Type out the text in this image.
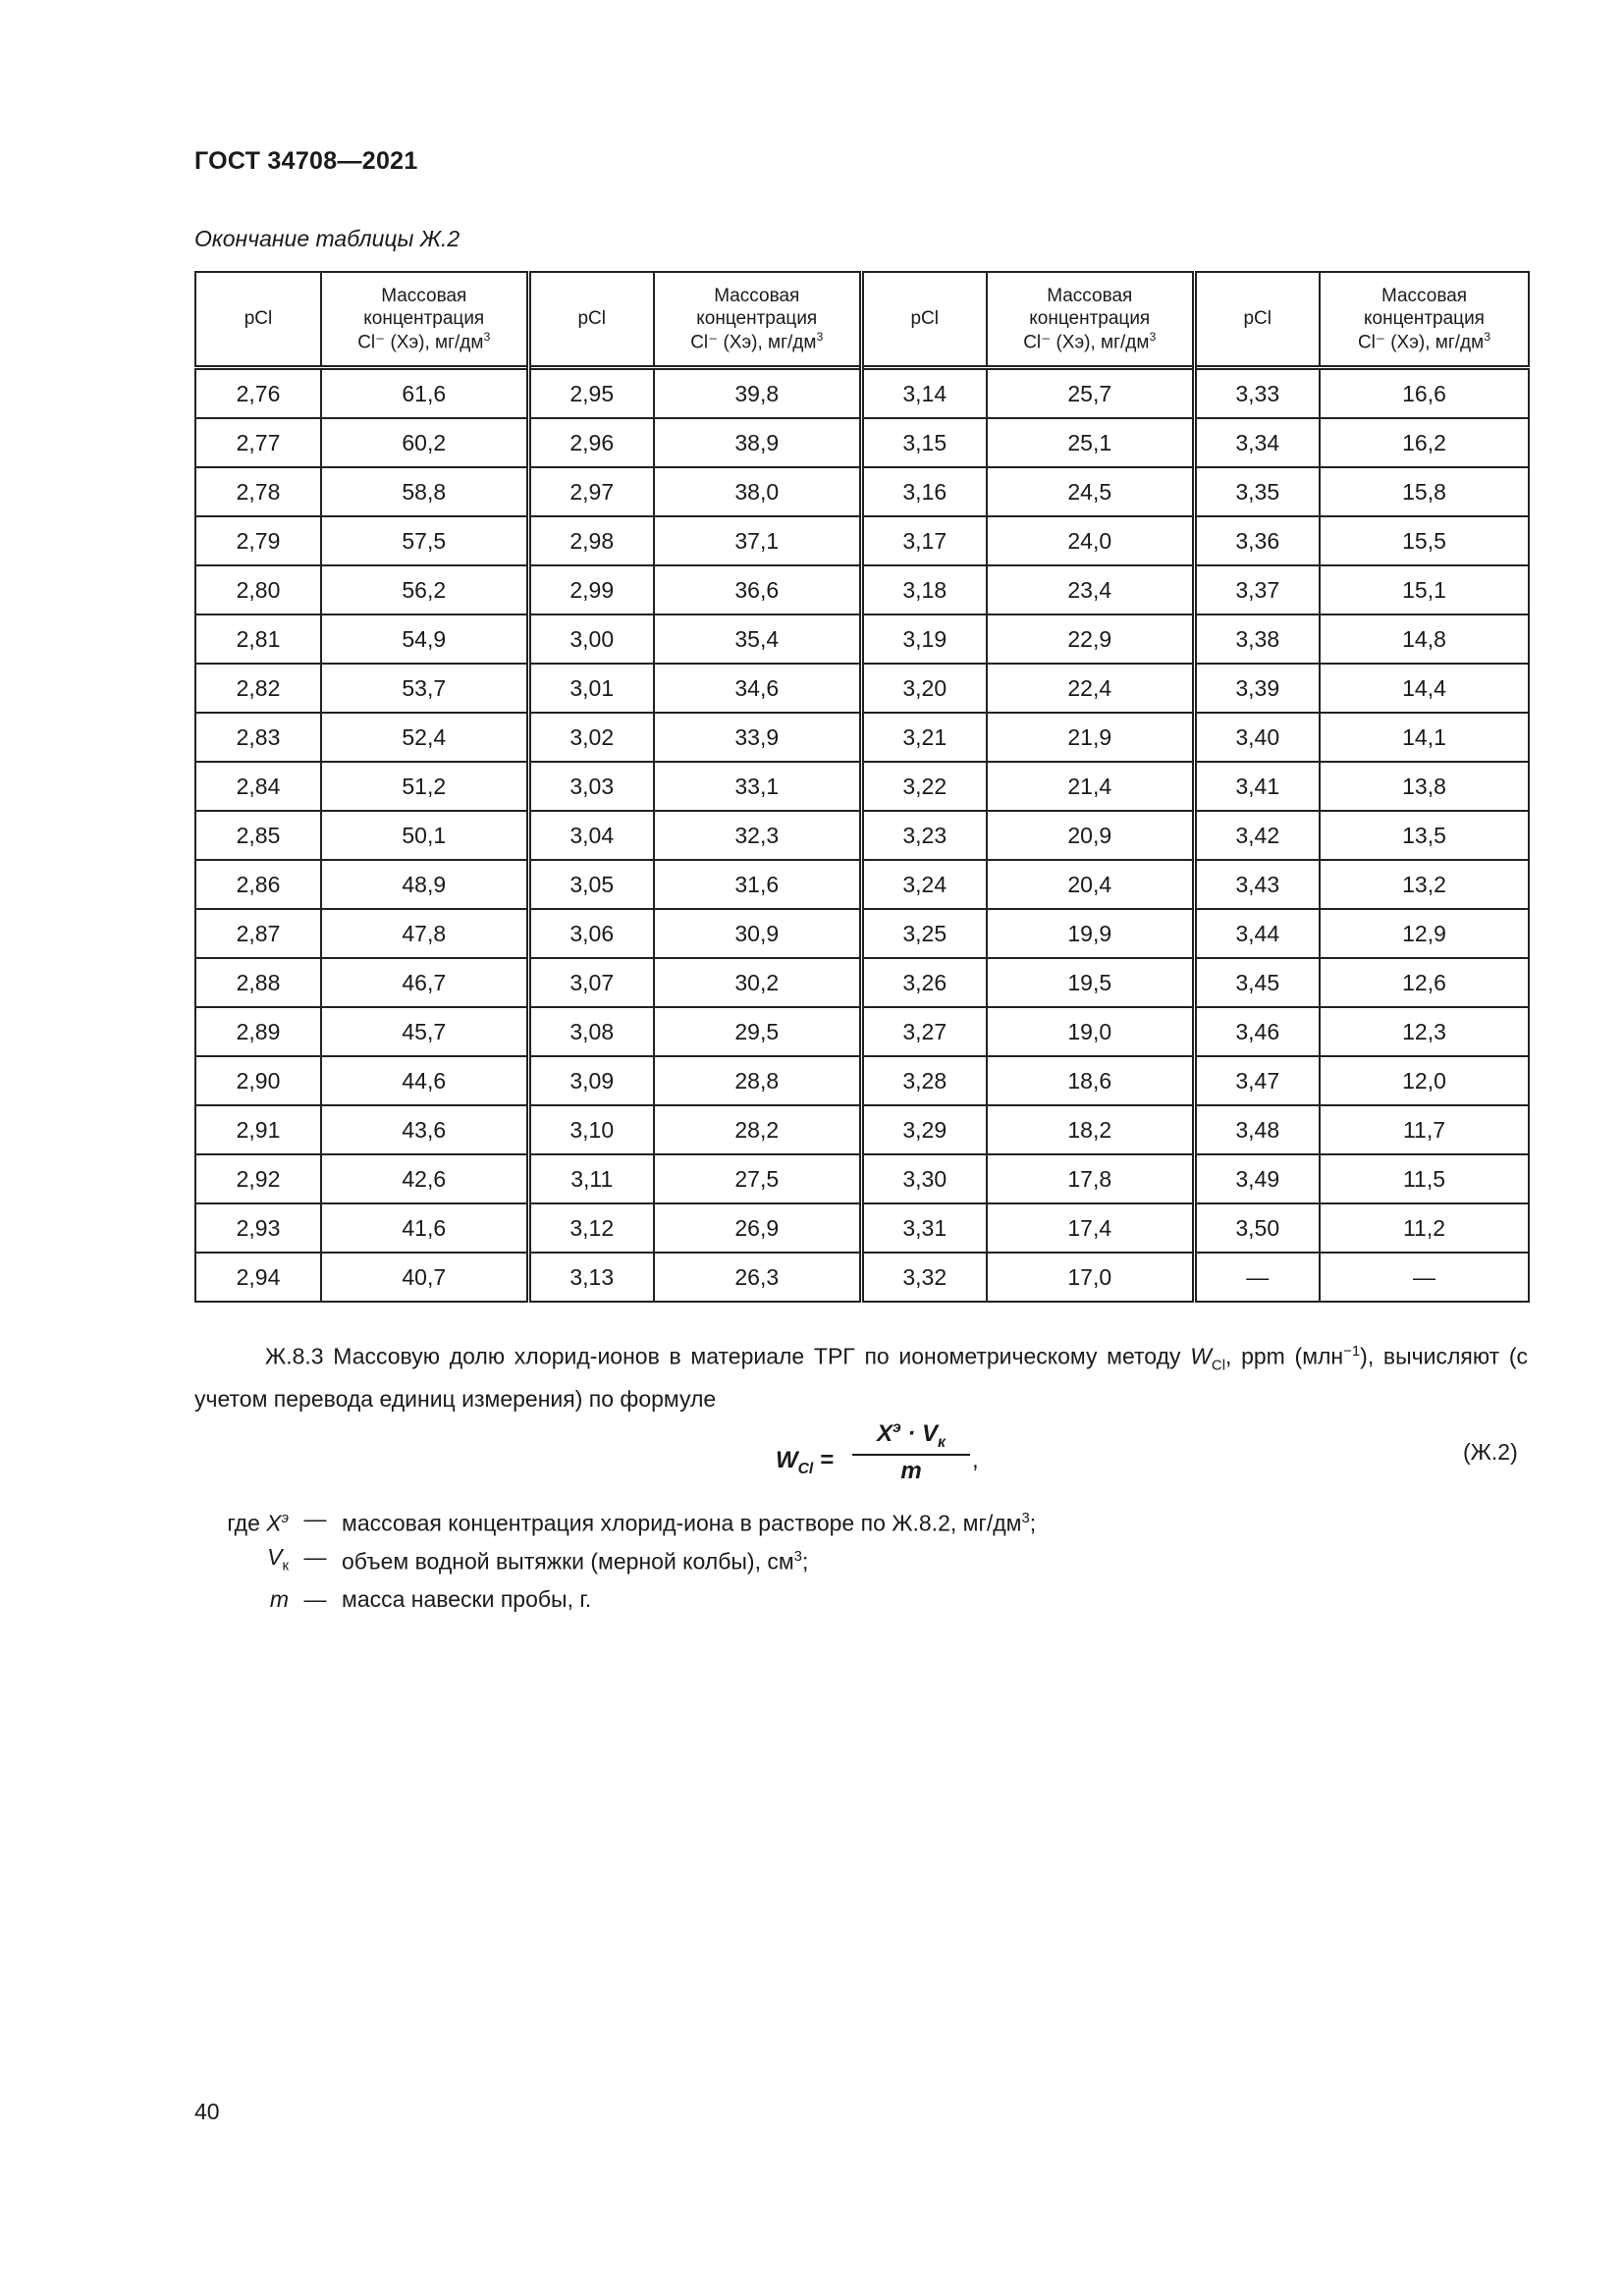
ГОСТ 34708—2021
Окончание таблицы Ж.2
pCl	Массовая
концентрация
Cl⁻ (Хэ), $мг/дм^3$	pCl	Массовая
концентрация
Cl⁻ (Хэ), $мг/дм^3$	pCl	Массовая
концентрация
Cl⁻ (Хэ), $мг/дм^3$	pCl	Массовая
концентрация
Cl⁻ (Хэ), $мг/дм^3$
2,76	61,6	2,95	39,8	3,14	25,7	3,33	16,6
2,77	60,2	2,96	38,9	3,15	25,1	3,34	16,2
2,78	58,8	2,97	38,0	3,16	24,5	3,35	15,8
2,79	57,5	2,98	37,1	3,17	24,0	3,36	15,5
2,80	56,2	2,99	36,6	3,18	23,4	3,37	15,1
2,81	54,9	3,00	35,4	3,19	22,9	3,38	14,8
2,82	53,7	3,01	34,6	3,20	22,4	3,39	14,4
2,83	52,4	3,02	33,9	3,21	21,9	3,40	14,1
2,84	51,2	3,03	33,1	3,22	21,4	3,41	13,8
2,85	50,1	3,04	32,3	3,23	20,9	3,42	13,5
2,86	48,9	3,05	31,6	3,24	20,4	3,43	13,2
2,87	47,8	3,06	30,9	3,25	19,9	3,44	12,9
2,88	46,7	3,07	30,2	3,26	19,5	3,45	12,6
2,89	45,7	3,08	29,5	3,27	19,0	3,46	12,3
2,90	44,6	3,09	28,8	3,28	18,6	3,47	12,0
2,91	43,6	3,10	28,2	3,29	18,2	3,48	11,7
2,92	42,6	3,11	27,5	3,30	17,8	3,49	11,5
2,93	41,6	3,12	26,9	3,31	17,4	3,50	11,2
2,94	40,7	3,13	26,3	3,32	17,0	—	—
Ж.8.3 Массовую долю хлорид-ионов в материале ТРГ по ионометрическому методу $W_{Cl}$, ppm (млн$^{-1}$), вычисляют (с учетом перевода единиц измерения) по формуле
$W_{Cl}$ =
$Х^э \cdot V_к$
m	,	(Ж.2)
где $Х^э$ — массовая концентрация хлорид-иона в растворе по Ж.8.2, $мг/дм^3$;
$V_к$ — объем водной вытяжки (мерной колбы), $см^3$;
m — масса навески пробы, г.
40
